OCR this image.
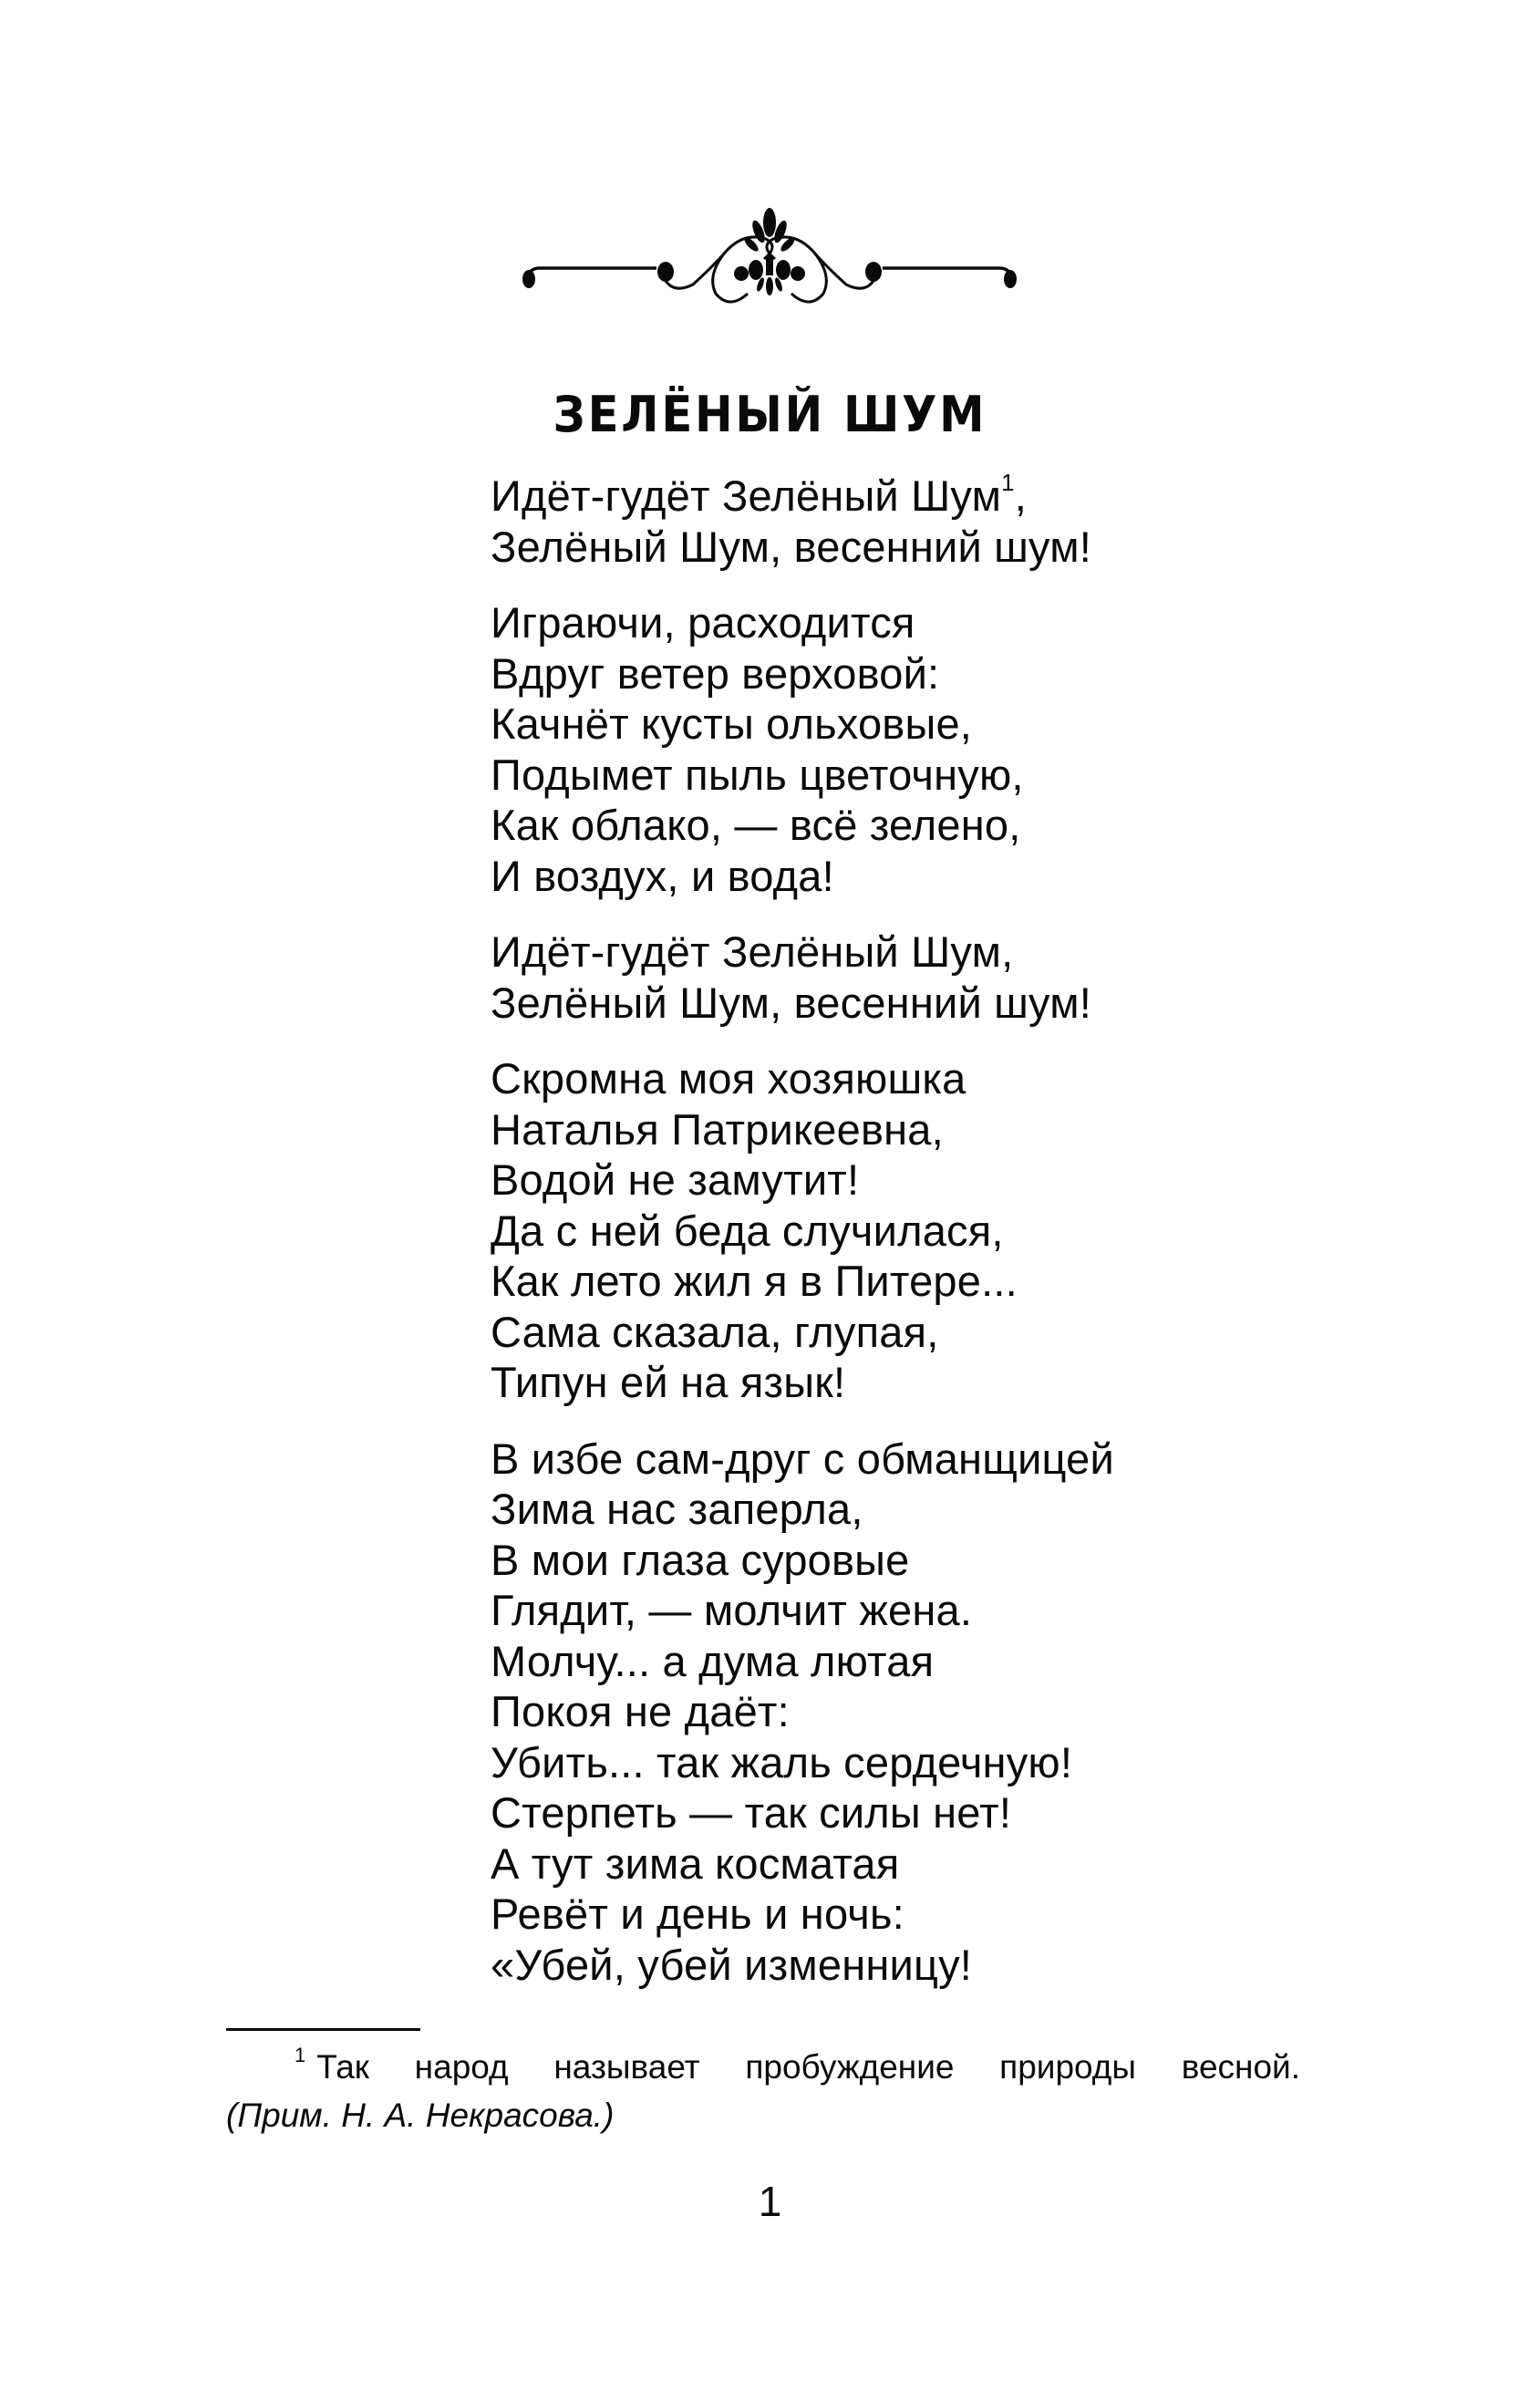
ЗЕЛЁНЫЙ ШУМ
Идёт-гудёт Зелёный Шум$^1$,
Зелёный Шум, весенний шум!
Играючи, расходится
Вдруг ветер верховой:
Качнёт кусты ольховые,
Подымет пыль цветочную,
Как облако, — всё зелено,
И воздух, и вода!
Идёт-гудёт Зелёный Шум,
Зелёный Шум, весенний шум!
Скромна моя хозяюшка
Наталья Патрикеевна,
Водой не замутит!
Да с ней беда случилася,
Как лето жил я в Питере...
Сама сказала, глупая,
Типун ей на язык!
В избе сам-друг с обманщицей
Зима нас заперла,
В мои глаза суровые
Глядит, — молчит жена.
Молчу... а дума лютая
Покоя не даёт:
Убить... так жаль сердечную!
Стерпеть — так силы нет!
А тут зима косматая
Ревёт и день и ночь:
«Убей, убей изменницу!
$^1$ Так народ называет пробуждение природы весной.
(Прим. Н. А. Некрасова.)
1
